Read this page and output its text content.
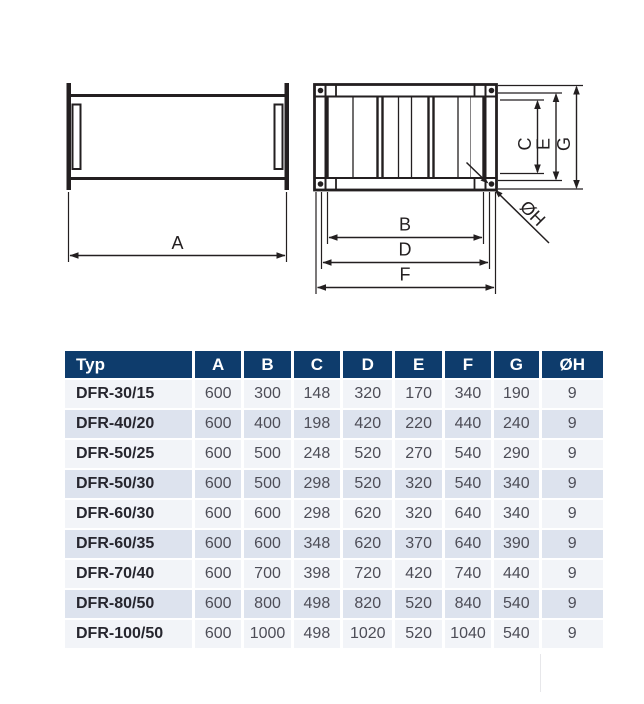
A
B
D
F
C
E G
ØH
Typ	A	B	C	D	E	F	G	ØH
DFR-30/15	600	300	148	320	170	340	190	9
DFR-40/20	600	400	198	420	220	440	240	9
DFR-50/25	600	500	248	520	270	540	290	9
DFR-50/30	600	500	298	520	320	540	340	9
DFR-60/30	600	600	298	620	320	640	340	9
DFR-60/35	600	600	348	620	370	640	390	9
DFR-70/40	600	700	398	720	420	740	440	9
DFR-80/50	600	800	498	820	520	840	540	9
DFR-100/50	600	1000	498	1020	520	1040	540	9
